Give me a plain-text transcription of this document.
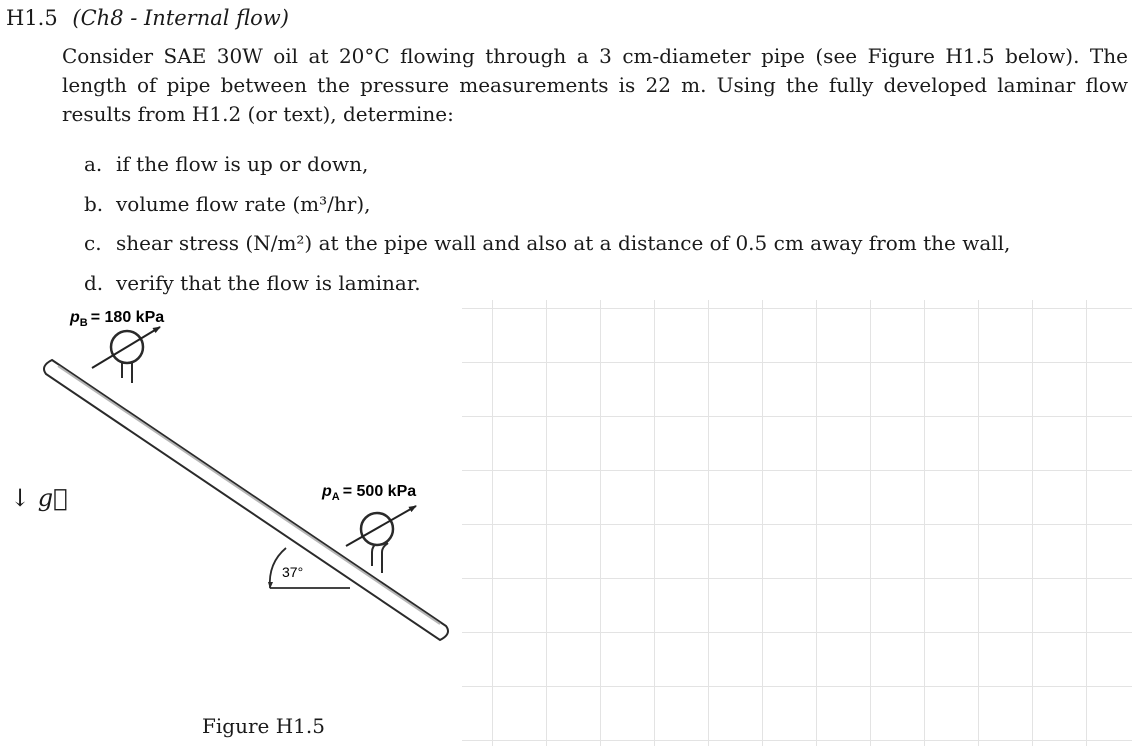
H1.5 (Ch8 - Internal flow)
Consider SAE 30W oil at 20°C flowing through a 3 cm-diameter pipe (see Figure H1.5 below). The length of pipe between the pressure measurements is 22 m. Using the fully developed laminar flow results from H1.2 (or text), determine:
a. if the flow is up or down,
b. volume flow rate (m³/hr),
c. shear stress (N/m²) at the pipe wall and also at a distance of 0.5 cm away from the wall,
d. verify that the flow is laminar.
$p_B = 180$ kPa
$p_A = 500$ kPa
37°
↓ g⃗
Figure H1.5
